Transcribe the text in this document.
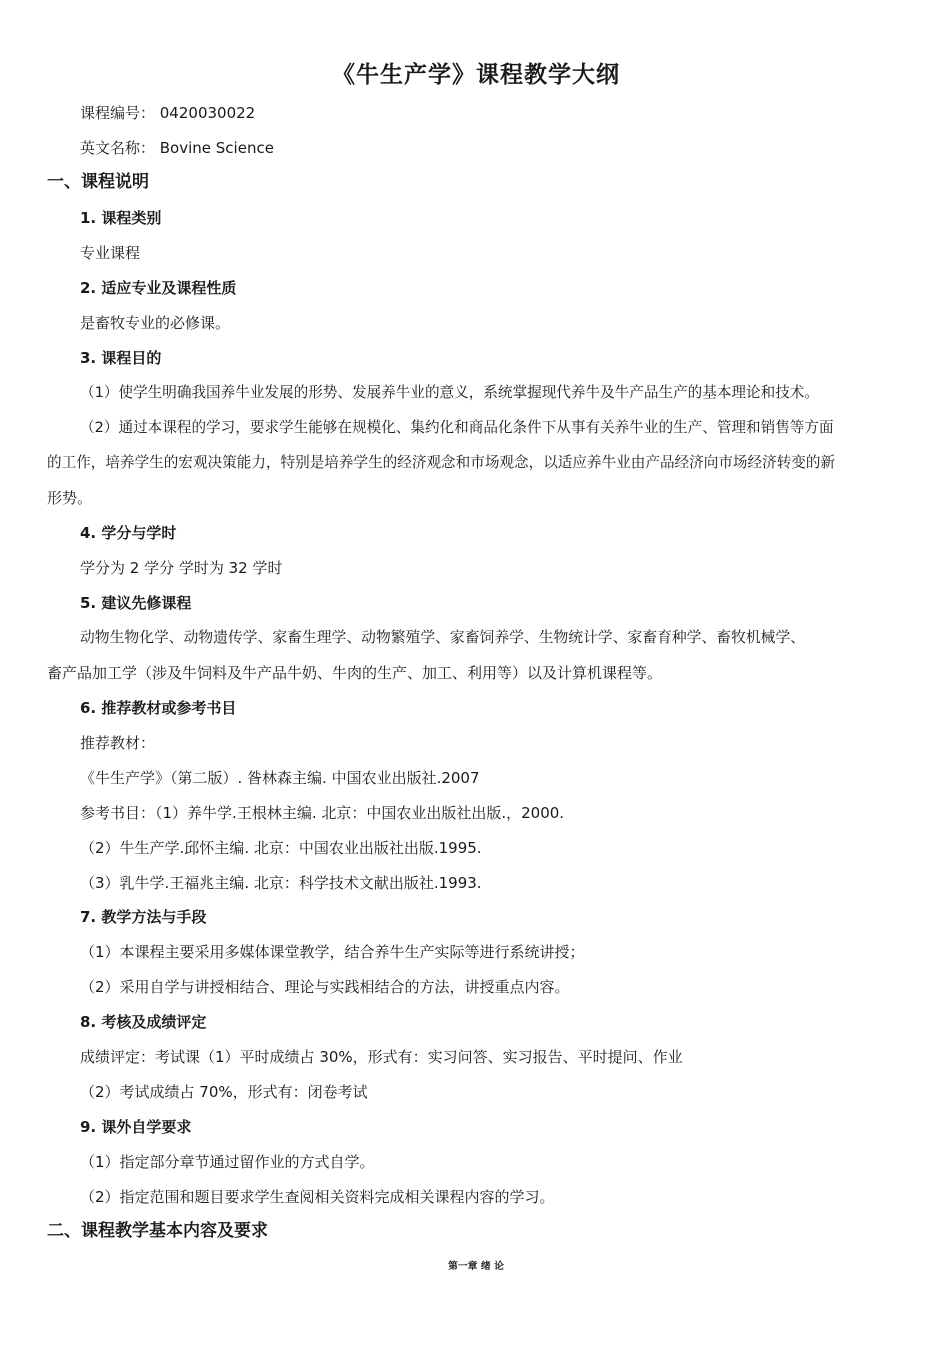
《牛生产学》课程教学大纲
课程编号： 0420030022
英文名称： Bovine Science
一、课程说明
1. 课程类别
专业课程
2. 适应专业及课程性质
是畜牧专业的必修课。
3. 课程目的
（1）使学生明确我国养牛业发展的形势、发展养牛业的意义，系统掌握现代养牛及牛产品生产的基本理论和技术。
（2）通过本课程的学习，要求学生能够在规模化、集约化和商品化条件下从事有关养牛业的生产、管理和销售等方面
的工作，培养学生的宏观决策能力，特别是培养学生的经济观念和市场观念，以适应养牛业由产品经济向市场经济转变的新
形势。
4. 学分与学时
学分为 2 学分 学时为 32 学时
5. 建议先修课程
动物生物化学、动物遗传学、家畜生理学、动物繁殖学、家畜饲养学、生物统计学、家畜育种学、畜牧机械学、
畜产品加工学（涉及牛饲料及牛产品牛奶、牛肉的生产、加工、利用等）以及计算机课程等。
6. 推荐教材或参考书目
推荐教材：
《牛生产学》（第二版）. 昝林森主编. 中国农业出版社.2007
参考书目：（1）养牛学.王根林主编. 北京：中国农业出版社出版.，2000.
（2）牛生产学.邱怀主编. 北京：中国农业出版社出版.1995.
（3）乳牛学.王福兆主编. 北京：科学技术文献出版社.1993.
7. 教学方法与手段
（1）本课程主要采用多媒体课堂教学，结合养牛生产实际等进行系统讲授；
（2）采用自学与讲授相结合、理论与实践相结合的方法，讲授重点内容。
8. 考核及成绩评定
成绩评定：考试课（1）平时成绩占 30%，形式有：实习问答、实习报告、平时提问、作业
（2）考试成绩占 70%，形式有：闭卷考试
9. 课外自学要求
（1）指定部分章节通过留作业的方式自学。
（2）指定范围和题目要求学生查阅相关资料完成相关课程内容的学习。
二、课程教学基本内容及要求
第一章 绪 论
